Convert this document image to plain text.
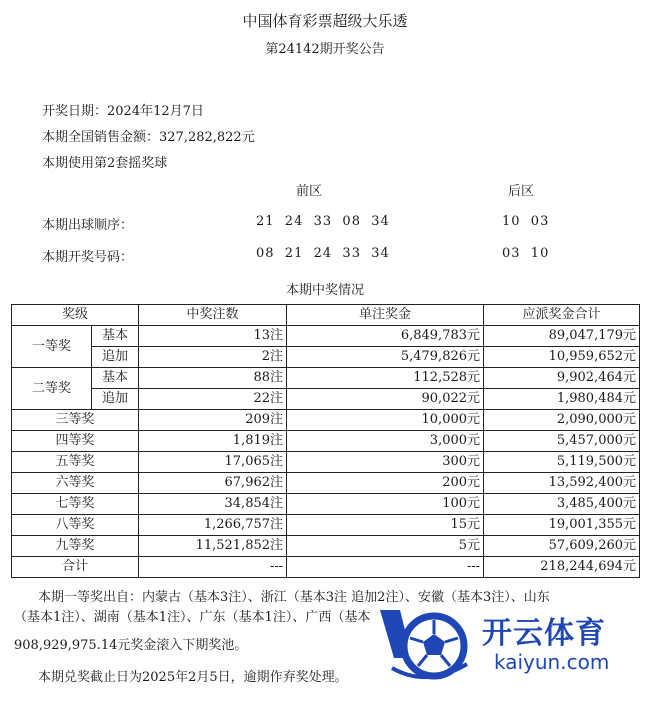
中国体育彩票超级大乐透
第24142期开奖公告
开奖日期：2024年12月7日
本期全国销售金额：327,282,822元
本期使用第2套摇奖球
前区	后区
本期出球顺序：	21  24  33  08  34	10  03
本期开奖号码：	08  21  24  33  34	03  10
本期中奖情况
奖级		中奖注数	单注奖金	应派奖金合计
一等奖	基本	13注	6,849,783元	89,047,179元
	追加	2注	5,479,826元	10,959,652元
二等奖	基本	88注	112,528元	9,902,464元
	追加	22注	90,022元	1,980,484元
三等奖		209注	10,000元	2,090,000元
四等奖		1,819注	3,000元	5,457,000元
五等奖		17,065注	300元	5,119,500元
六等奖		67,962注	200元	13,592,400元
七等奖		34,854注	100元	3,485,400元
八等奖		1,266,757注	15元	19,001,355元
九等奖		11,521,852注	5元	57,609,260元
合计		---	---	218,244,694元
本期一等奖出自：内蒙古（基本3注）、浙江（基本3注 追加2注）、安徽（基本3注）、山东
（基本1注）、湖南（基本1注）、广东（基本1注）、广西（基本
908,929,975.14元奖金滚入下期奖池。
本期兑奖截止日为2025年2月5日，逾期作弃奖处理。
开云体育
kaiyun.com
